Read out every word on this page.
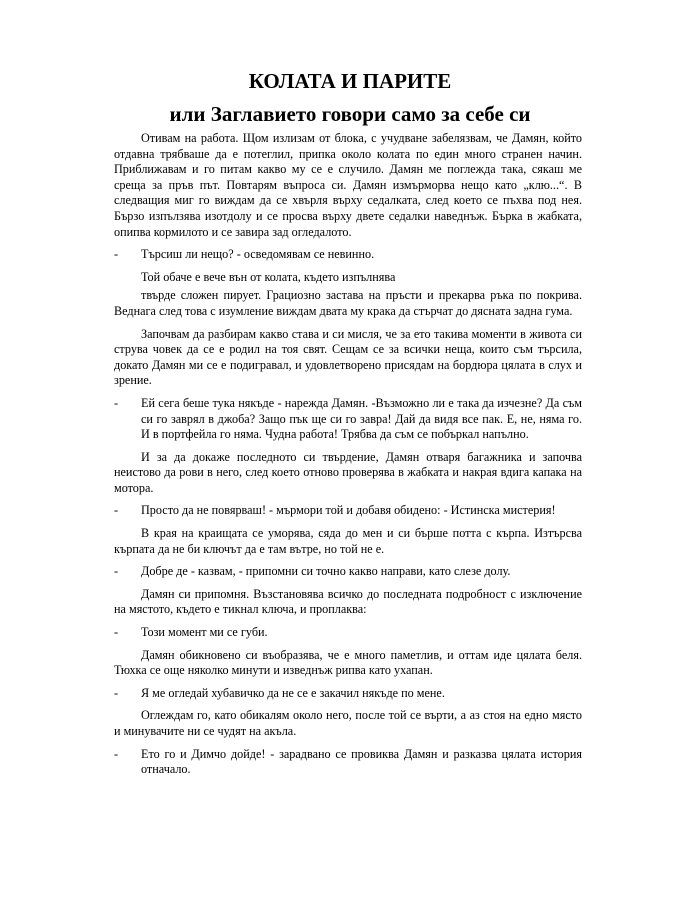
КОЛАТА И ПАРИТЕ
или Заглавието говори само за себе си

Отивам на работа. Щом излизам от блока, с учудване забелязвам, че Дамян, който отдавна трябваше да е потеглил, припка около колата по един много странен начин. Приближавам и го питам какво му се е случило. Дамян ме поглежда така, сякаш ме среща за пръв път. Повтарям въпроса си. Дамян измърморва нещо като „клю...“. В следващия миг го виждам да се хвърля върху седалката, след което се пъхва под нея. Бързо изпълзява изотдолу и се просва върху двете седалки наведнъж. Бърка в жабката, опипва кормилото и се завира зад огледалото.

- Търсиш ли нещо? - осведомявам се невинно.

Той обаче е вече вън от колата, където изпълнява

твърде сложен пирует. Грациозно застава на пръсти и прекарва ръка по покрива. Веднага след това с изумление виждам двата му крака да стърчат до дясната задна гума.

Започвам да разбирам какво става и си мисля, че за ето такива моменти в живота си струва човек да се е родил на тоя свят. Сещам се за всички неща, които съм търсила, докато Дамян ми се е подигравал, и удовлетворено присядам на бордюра цялата в слух и зрение.

- Ей сега беше тука някъде - нарежда Дамян. -Възможно ли е така да изчезне? Да съм си го заврял в джоба? Защо пък ще си го завра! Дай да видя все пак. Е, не, няма го. И в портфейла го няма. Чудна работа! Трябва да съм се побъркал напълно.

И за да докаже последното си твърдение, Дамян отваря багажника и започва неистово да рови в него, след което отново проверява в жабката и накрая вдига капака на мотора.

- Просто да не повярваш! - мърмори той и добавя обидено: - Истинска мистерия!

В края на краищата се уморява, сяда до мен и си бърше потта с кърпа. Изтърсва кърпата да не би ключът да е там вътре, но той не е.

- Добре де - казвам, - припомни си точно какво направи, като слезе долу.

Дамян си припомня. Възстановява всичко до последната подробност с изключение на мястото, където е тикнал ключа, и проплаква:

- Този момент ми се губи.

Дамян обикновено си въобразява, че е много паметлив, и оттам иде цялата беля. Тюхка се още няколко минути и изведнъж рипва като ухапан.

- Я ме огледай хубавичко да не се е закачил някъде по мене.

Оглеждам го, като обикалям около него, после той се върти, а аз стоя на едно място и минувачите ни се чудят на акъла.

- Ето го и Димчо дойде! - зарадвано се провиква Дамян и разказва цялата история отначало.
